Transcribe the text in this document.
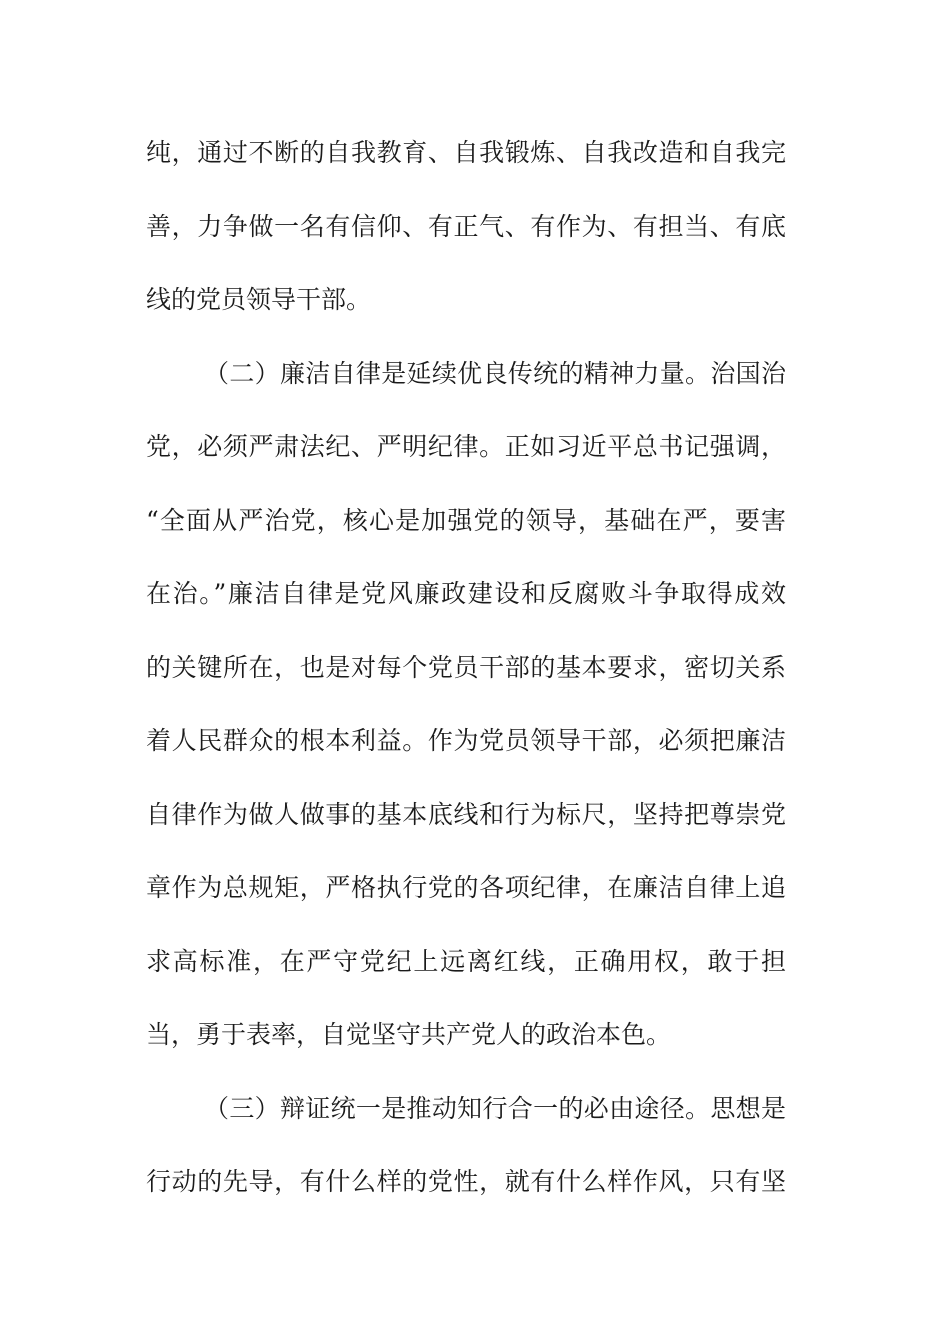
纯，通过不断的自我教育、自我锻炼、自我改造和自我完
善，力争做一名有信仰、有正气、有作为、有担当、有底
线的党员领导干部。
（二）廉洁自律是延续优良传统的精神力量。治国治
党，必须严肃法纪、严明纪律。正如习近平总书记强调，
“全面从严治党，核心是加强党的领导，基础在严，要害
在治。”廉洁自律是党风廉政建设和反腐败斗争取得成效
的关键所在，也是对每个党员干部的基本要求，密切关系
着人民群众的根本利益。作为党员领导干部，必须把廉洁
自律作为做人做事的基本底线和行为标尺，坚持把尊崇党
章作为总规矩，严格执行党的各项纪律，在廉洁自律上追
求高标准，在严守党纪上远离红线，正确用权，敢于担
当，勇于表率，自觉坚守共产党人的政治本色。
（三）辩证统一是推动知行合一的必由途径。思想是
行动的先导，有什么样的党性，就有什么样作风，只有坚
